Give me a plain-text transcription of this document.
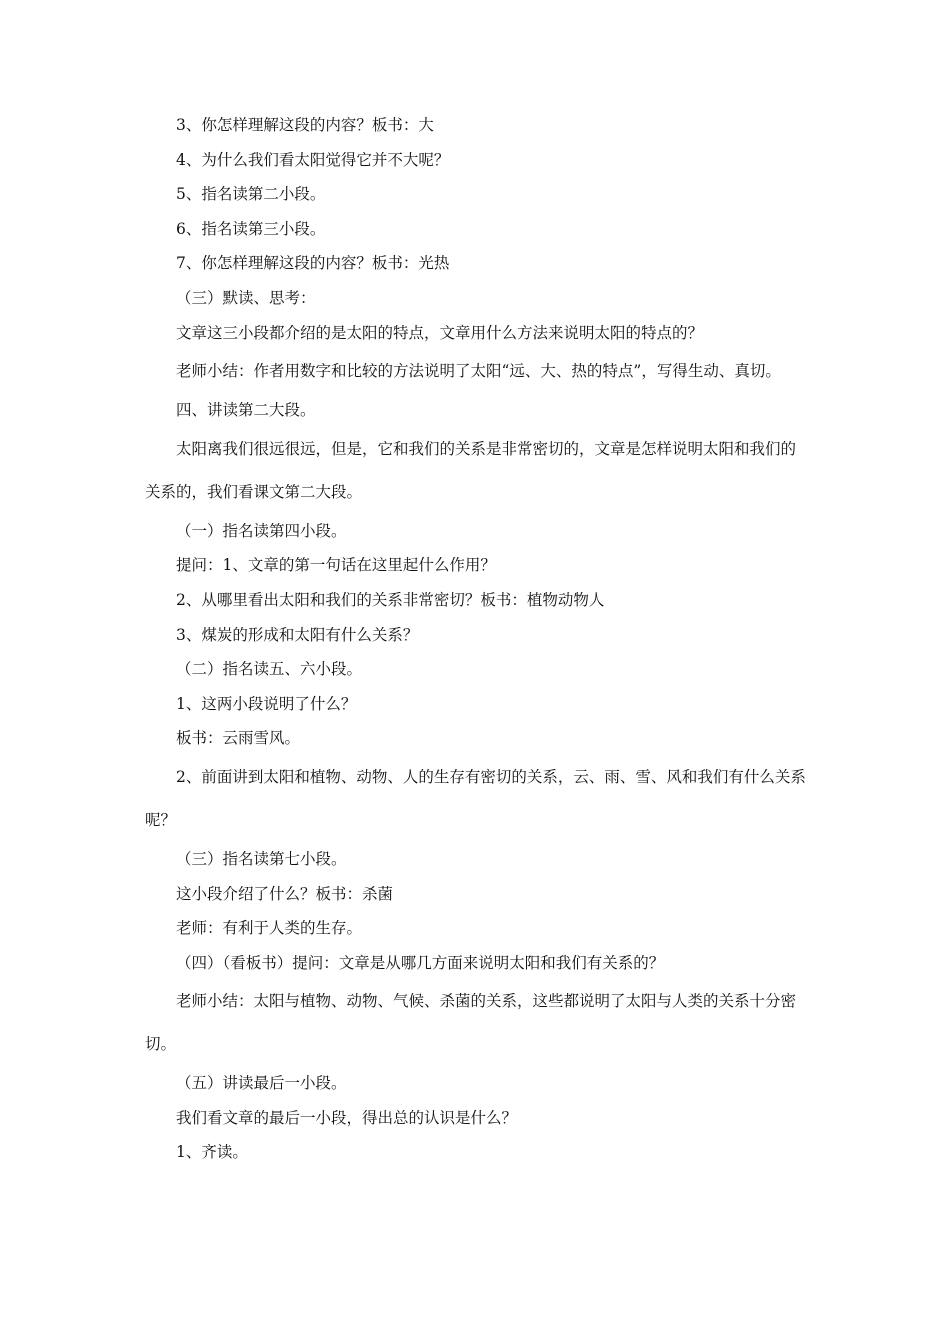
3、你怎样理解这段的内容？板书：大

4、为什么我们看太阳觉得它并不大呢？

5、指名读第二小段。

6、指名读第三小段。

7、你怎样理解这段的内容？板书：光热

（三）默读、思考：

文章这三小段都介绍的是太阳的特点，文章用什么方法来说明太阳的特点的？

老师小结：作者用数字和比较的方法说明了太阳“远、大、热的特点”，写得生动、真切。

四、讲读第二大段。

太阳离我们很远很远，但是，它和我们的关系是非常密切的，文章是怎样说明太阳和我们的关系的，我们看课文第二大段。

（一）指名读第四小段。

提问：1、文章的第一句话在这里起什么作用？

2、从哪里看出太阳和我们的关系非常密切？板书：植物动物人

3、煤炭的形成和太阳有什么关系？

（二）指名读五、六小段。

1、这两小段说明了什么？

板书：云雨雪风。

2、前面讲到太阳和植物、动物、人的生存有密切的关系，云、雨、雪、风和我们有什么关系呢？

（三）指名读第七小段。

这小段介绍了什么？板书：杀菌

老师：有利于人类的生存。

（四）（看板书）提问：文章是从哪几方面来说明太阳和我们有关系的？

老师小结：太阳与植物、动物、气候、杀菌的关系，这些都说明了太阳与人类的关系十分密切。

（五）讲读最后一小段。

我们看文章的最后一小段，得出总的认识是什么？

1、齐读。
